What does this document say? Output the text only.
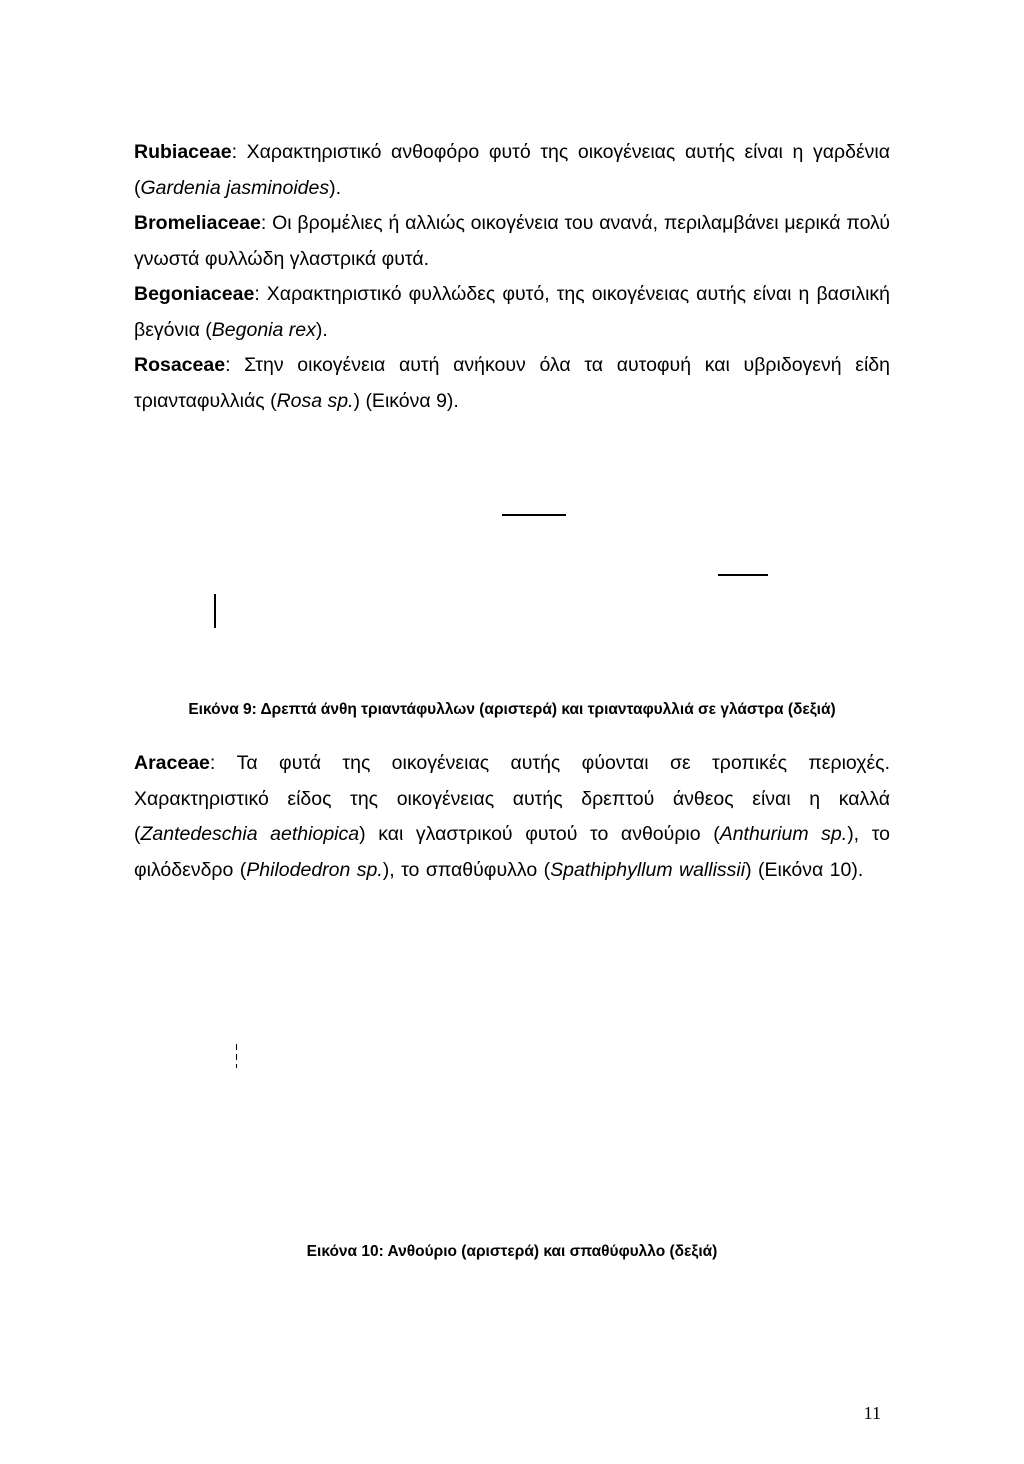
Rubiaceae: Χαρακτηριστικό ανθοφόρο φυτό της οικογένειας αυτής είναι η γαρδένια (Gardenia jasminoides).

Bromeliaceae: Οι βρομέλιες ή αλλιώς οικογένεια του ανανά, περιλαμβάνει μερικά πολύ γνωστά φυλλώδη γλαστρικά φυτά.

Begoniaceae: Χαρακτηριστικό φυλλώδες φυτό, της οικογένειας αυτής είναι η βασιλική βεγόνια (Begonia rex).

Rosaceae: Στην οικογένεια αυτή ανήκουν όλα τα αυτοφυή και υβριδογενή είδη τριανταφυλλιάς (Rosa sp.) (Εικόνα 9).

Εικόνα 9: Δρεπτά άνθη τριαντάφυλλων (αριστερά) και τριανταφυλλιά σε γλάστρα (δεξιά)

Araceae: Τα φυτά της οικογένειας αυτής φύονται σε τροπικές περιοχές. Χαρακτηριστικό είδος της οικογένειας αυτής δρεπτού άνθεος είναι η καλλά (Zantedeschia aethiopica) και γλαστρικού φυτού το ανθούριο (Anthurium sp.), το φιλόδενδρο (Philodedron sp.), το σπαθύφυλλο (Spathiphyllum wallissii) (Εικόνα 10).

Εικόνα 10: Ανθούριο (αριστερά) και σπαθύφυλλο (δεξιά)

11
